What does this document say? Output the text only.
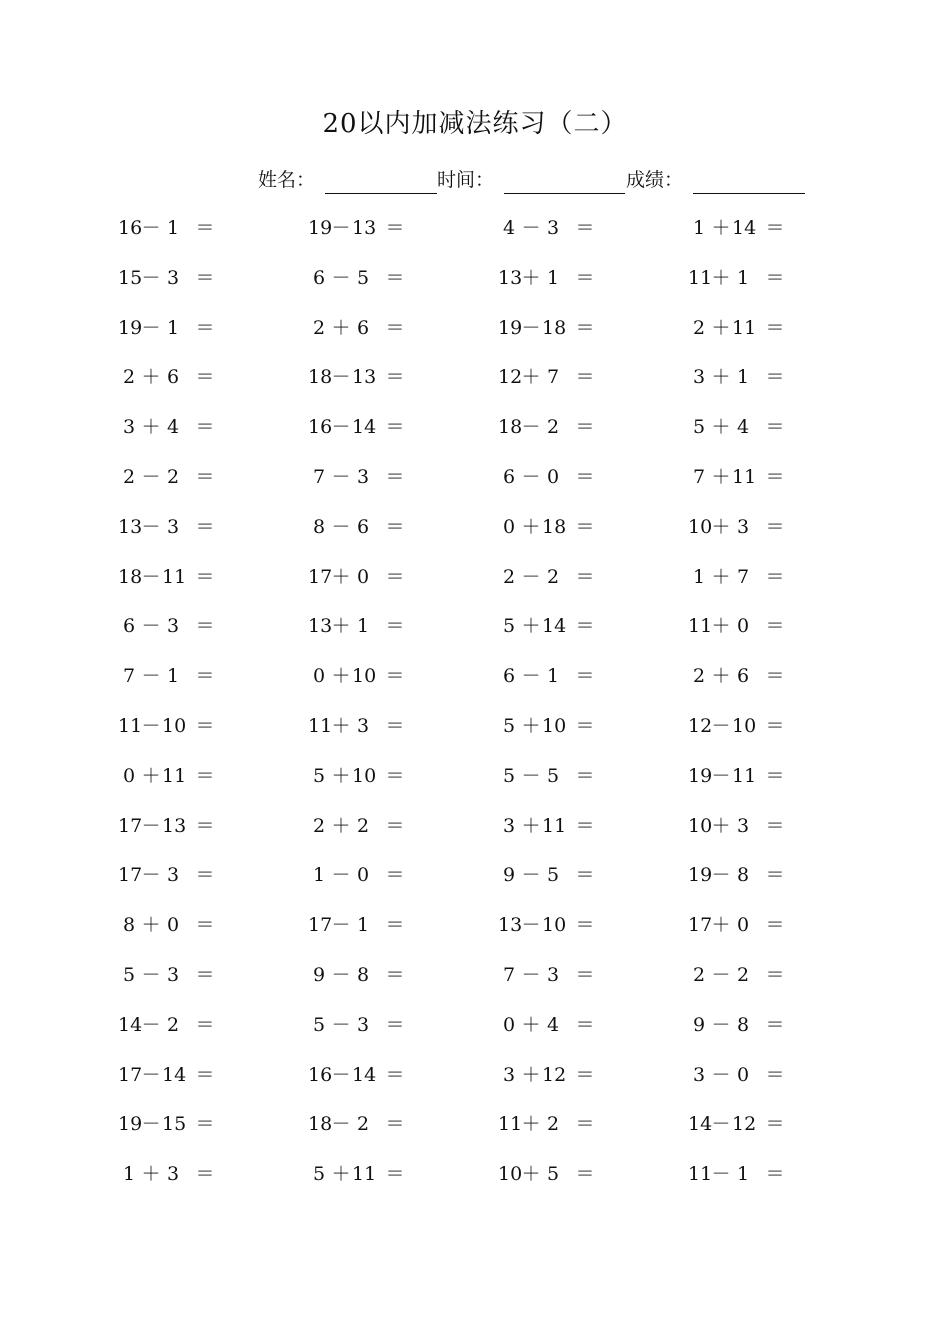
20以内加减法练习（二）
姓名：	时间：	成绩：
16－ 1 ＝	19－13 ＝	4 － 3 ＝	1 ＋14 ＝
15－ 3 ＝	6 － 5 ＝	13＋ 1 ＝	11＋ 1 ＝
19－ 1 ＝	2 ＋ 6 ＝	19－18 ＝	2 ＋11 ＝
2 ＋ 6 ＝	18－13 ＝	12＋ 7 ＝	3 ＋ 1 ＝
3 ＋ 4 ＝	16－14 ＝	18－ 2 ＝	5 ＋ 4 ＝
2 － 2 ＝	7 － 3 ＝	6 － 0 ＝	7 ＋11 ＝
13－ 3 ＝	8 － 6 ＝	0 ＋18 ＝	10＋ 3 ＝
18－11 ＝	17＋ 0 ＝	2 － 2 ＝	1 ＋ 7 ＝
6 － 3 ＝	13＋ 1 ＝	5 ＋14 ＝	11＋ 0 ＝
7 － 1 ＝	0 ＋10 ＝	6 － 1 ＝	2 ＋ 6 ＝
11－10 ＝	11＋ 3 ＝	5 ＋10 ＝	12－10 ＝
0 ＋11 ＝	5 ＋10 ＝	5 － 5 ＝	19－11 ＝
17－13 ＝	2 ＋ 2 ＝	3 ＋11 ＝	10＋ 3 ＝
17－ 3 ＝	1 － 0 ＝	9 － 5 ＝	19－ 8 ＝
8 ＋ 0 ＝	17－ 1 ＝	13－10 ＝	17＋ 0 ＝
5 － 3 ＝	9 － 8 ＝	7 － 3 ＝	2 － 2 ＝
14－ 2 ＝	5 － 3 ＝	0 ＋ 4 ＝	9 － 8 ＝
17－14 ＝	16－14 ＝	3 ＋12 ＝	3 － 0 ＝
19－15 ＝	18－ 2 ＝	11＋ 2 ＝	14－12 ＝
1 ＋ 3 ＝	5 ＋11 ＝	10＋ 5 ＝	11－ 1 ＝
